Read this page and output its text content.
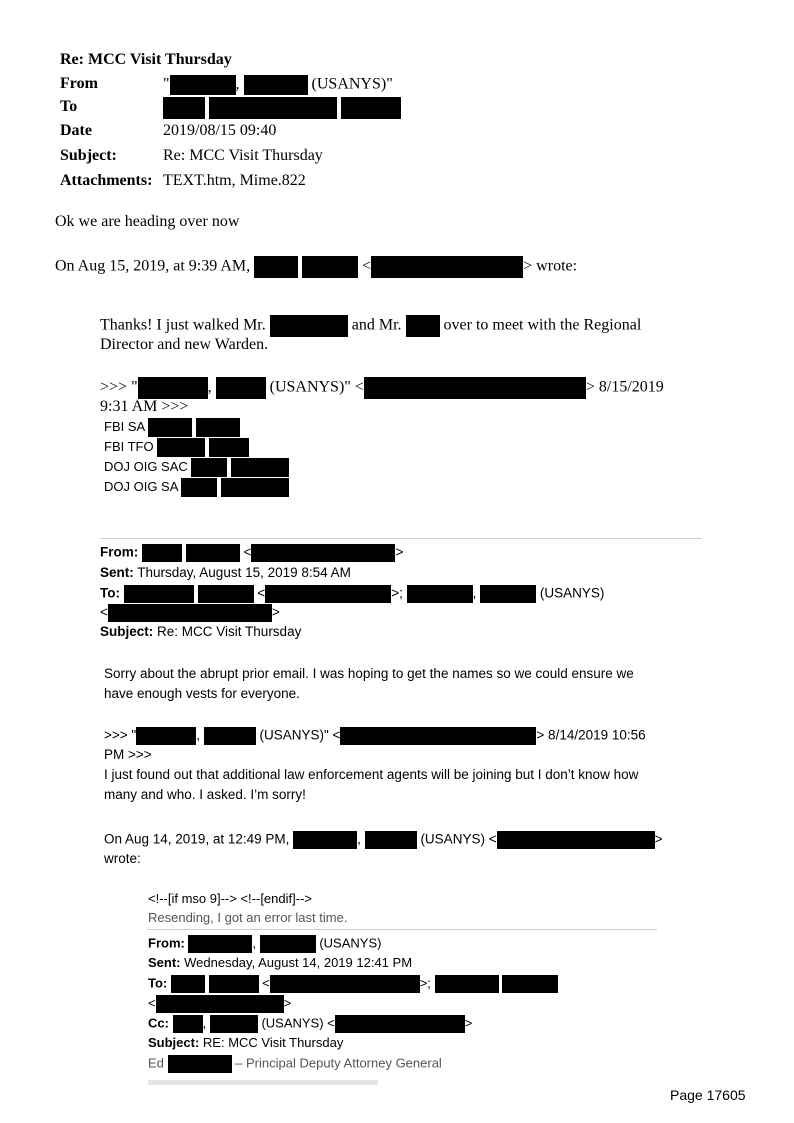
Re: MCC Visit Thursday
From	"	,	(USANYS)"
To

Date	2019/08/15 09:40
Subject:	Re: MCC Visit Thursday
Attachments: TEXT.htm, Mime.822
Ok we are heading over now
On Aug 15, 2019, at 9:39 AM,	<	> wrote:
Thanks! I just walked Mr.	and Mr.	over to meet with the Regional
Director and new Warden.
>>> "	,	(USANYS)" <	> 8/15/2019
9:31 AM >>>
FBI SA
FBI TFO
DOJ OIG SAC
DOJ OIG SA
From:	<	>
Sent: Thursday, August 15, 2019 8:54 AM
To:	<	>;	,	(USANYS)
<	>
Subject: Re: MCC Visit Thursday
Sorry about the abrupt prior email. I was hoping to get the names so we could ensure we
have enough vests for everyone.
>>> "	,	(USANYS)" <	> 8/14/2019 10:56
PM >>>
I just found out that additional law enforcement agents will be joining but I don’t know how
many and who. I asked. I’m sorry!
On Aug 14, 2019, at 12:49 PM,	,	(USANYS) <	>
wrote:
<!--[if mso 9]--> <!--[endif]-->
Resending, I got an error last time.
From:	,	(USANYS)
Sent: Wednesday, August 14, 2019 12:41 PM
To:	<	>;
<	>
Cc:	,	(USANYS) <	>
Subject: RE: MCC Visit Thursday
Ed	– Principal Deputy Attorney General
Page 17605
